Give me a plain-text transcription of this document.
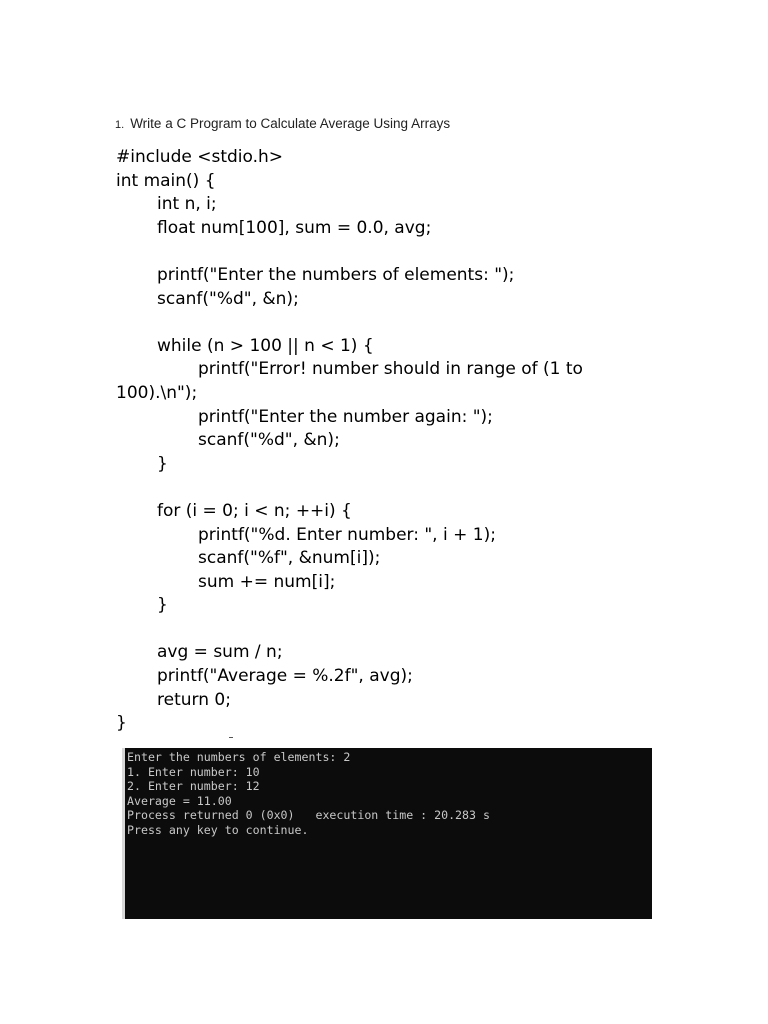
1. Write a C Program to Calculate Average Using Arrays
#include <stdio.h>
int main() {
int n, i;
float num[100], sum = 0.0, avg;
printf("Enter the numbers of elements: ");
scanf("%d", &n);
while (n > 100 || n < 1) {
printf("Error! number should in range of (1 to
100).\n");
printf("Enter the number again: ");
scanf("%d", &n);
}
for (i = 0; i < n; ++i) {
printf("%d. Enter number: ", i + 1);
scanf("%f", &num[i]);
sum += num[i];
}
avg = sum / n;
printf("Average = %.2f", avg);
return 0;
}
Enter the numbers of elements: 2
1. Enter number: 10
2. Enter number: 12
Average = 11.00
Process returned 0 (0x0)   execution time : 20.283 s
Press any key to continue.
